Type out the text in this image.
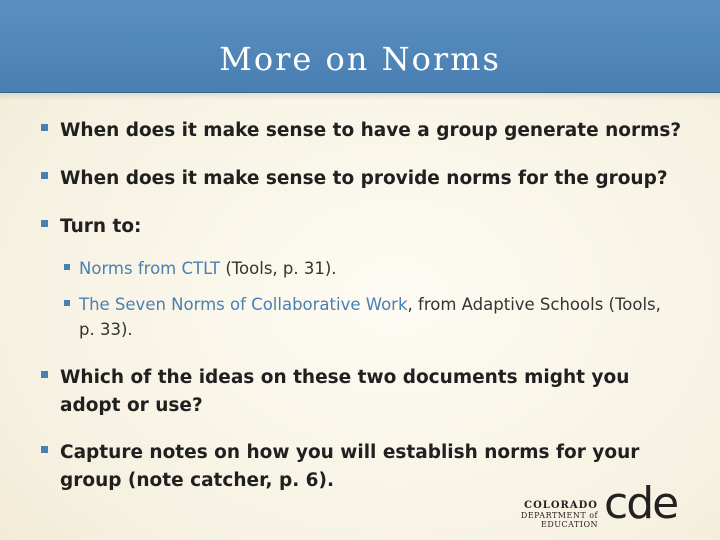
More on Norms
When does it make sense to have a group generate norms?
When does it make sense to provide norms for the group?
Turn to:
Norms from CTLT (Tools, p. 31).
The Seven Norms of Collaborative Work, from Adaptive Schools (Tools, p. 33).
Which of the ideas on these two documents might you adopt or use?
Capture notes on how you will establish norms for your group (note catcher, p. 6).
COLORADO
DEPARTMENT of EDUCATION cde
